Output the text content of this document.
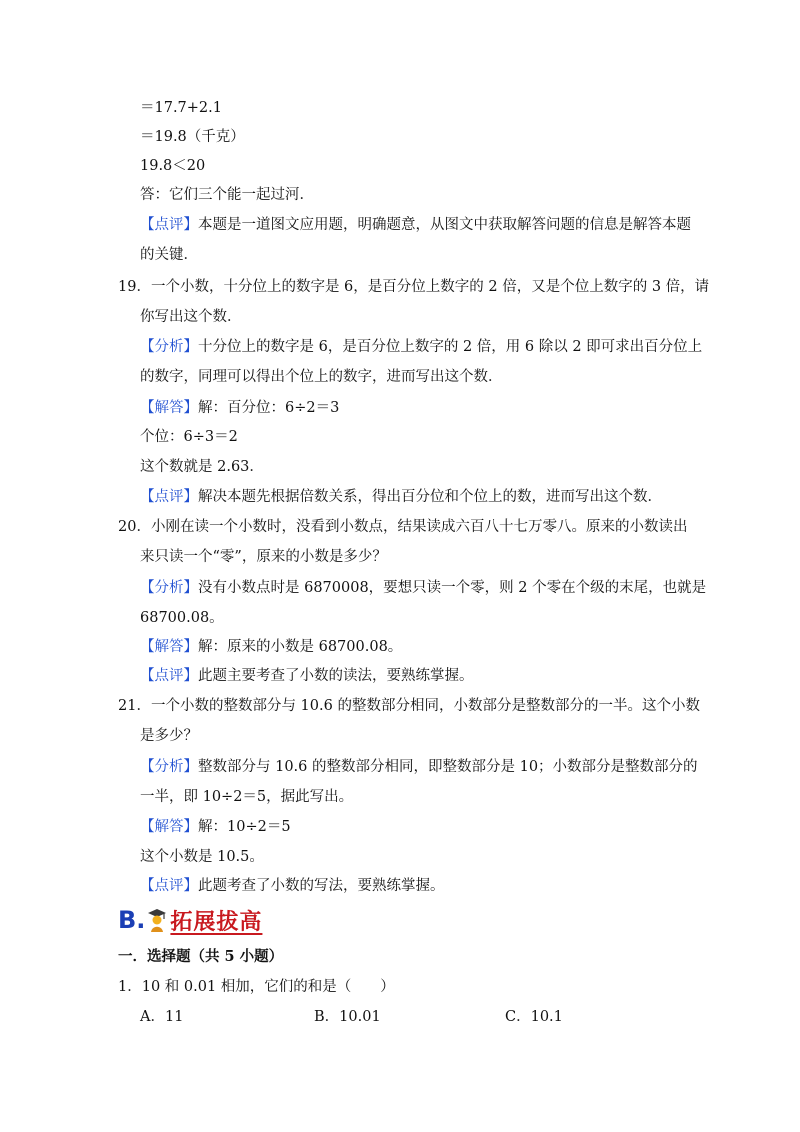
＝17.7+2.1
＝19.8（千克）
19.8＜20
答：它们三个能一起过河．
【点评】本题是一道图文应用题，明确题意，从图文中获取解答问题的信息是解答本题
的关键．
19．一个小数，十分位上的数字是 6，是百分位上数字的 2 倍，又是个位上数字的 3 倍，请
你写出这个数．
【分析】十分位上的数字是 6，是百分位上数字的 2 倍，用 6 除以 2 即可求出百分位上
的数字，同理可以得出个位上的数字，进而写出这个数．
【解答】解：百分位：6÷2＝3
个位：6÷3＝2
这个数就是 2.63．
【点评】解决本题先根据倍数关系，得出百分位和个位上的数，进而写出这个数．
20．小刚在读一个小数时，没看到小数点，结果读成六百八十七万零八。原来的小数读出
来只读一个“零”，原来的小数是多少？
【分析】没有小数点时是 6870008，要想只读一个零，则 2 个零在个级的末尾，也就是
68700.08。
【解答】解：原来的小数是 68700.08。
【点评】此题主要考查了小数的读法，要熟练掌握。
21．一个小数的整数部分与 10.6 的整数部分相同，小数部分是整数部分的一半。这个小数
是多少？
【分析】整数部分与 10.6 的整数部分相同，即整数部分是 10；小数部分是整数部分的
一半，即 10÷2＝5，据此写出。
【解答】解：10÷2＝5
这个小数是 10.5。
【点评】此题考查了小数的写法，要熟练掌握。
B. 拓展拔高
一．选择题（共 5 小题）
1．10 和 0.01 相加，它们的和是（　　）
A．11	B．10.01	C．10.1
